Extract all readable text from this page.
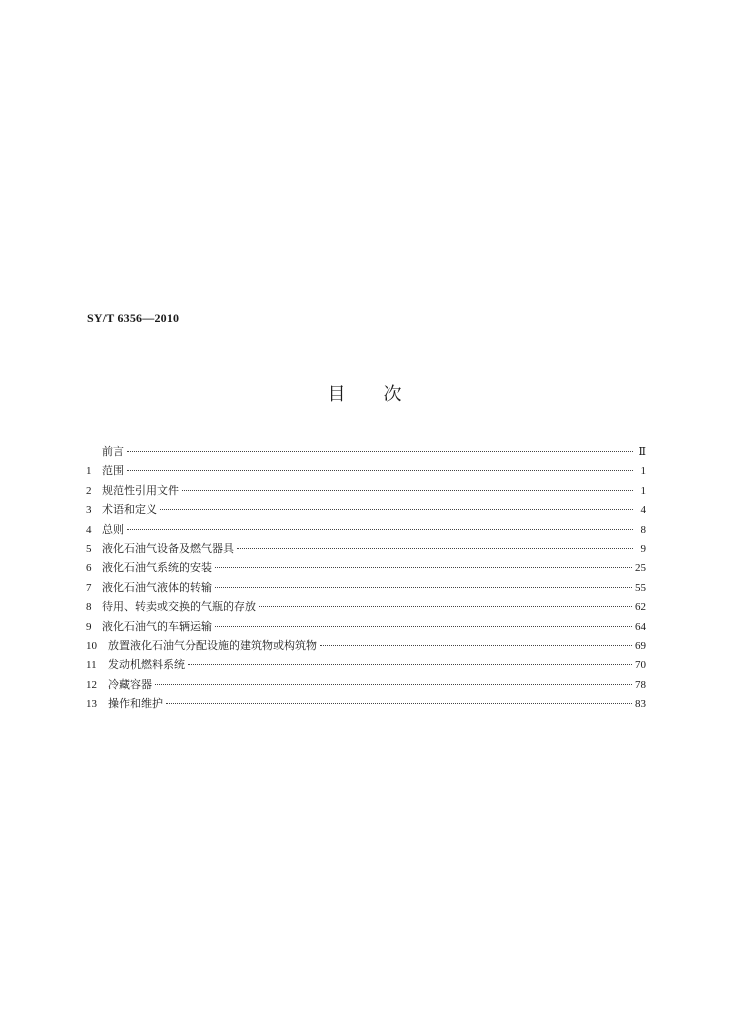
SY/T 6356—2010
目 次
前言	Ⅱ
1 范围	1
2 规范性引用文件	1
3 术语和定义	4
4 总则	8
5 液化石油气设备及燃气器具	9
6 液化石油气系统的安装	25
7 液化石油气液体的转输	55
8 待用、转卖或交换的气瓶的存放	62
9 液化石油气的车辆运输	64
10	放置液化石油气分配设施的建筑物或构筑物	69
11	发动机燃料系统	70
12	冷藏容器	78
13	操作和维护	83
